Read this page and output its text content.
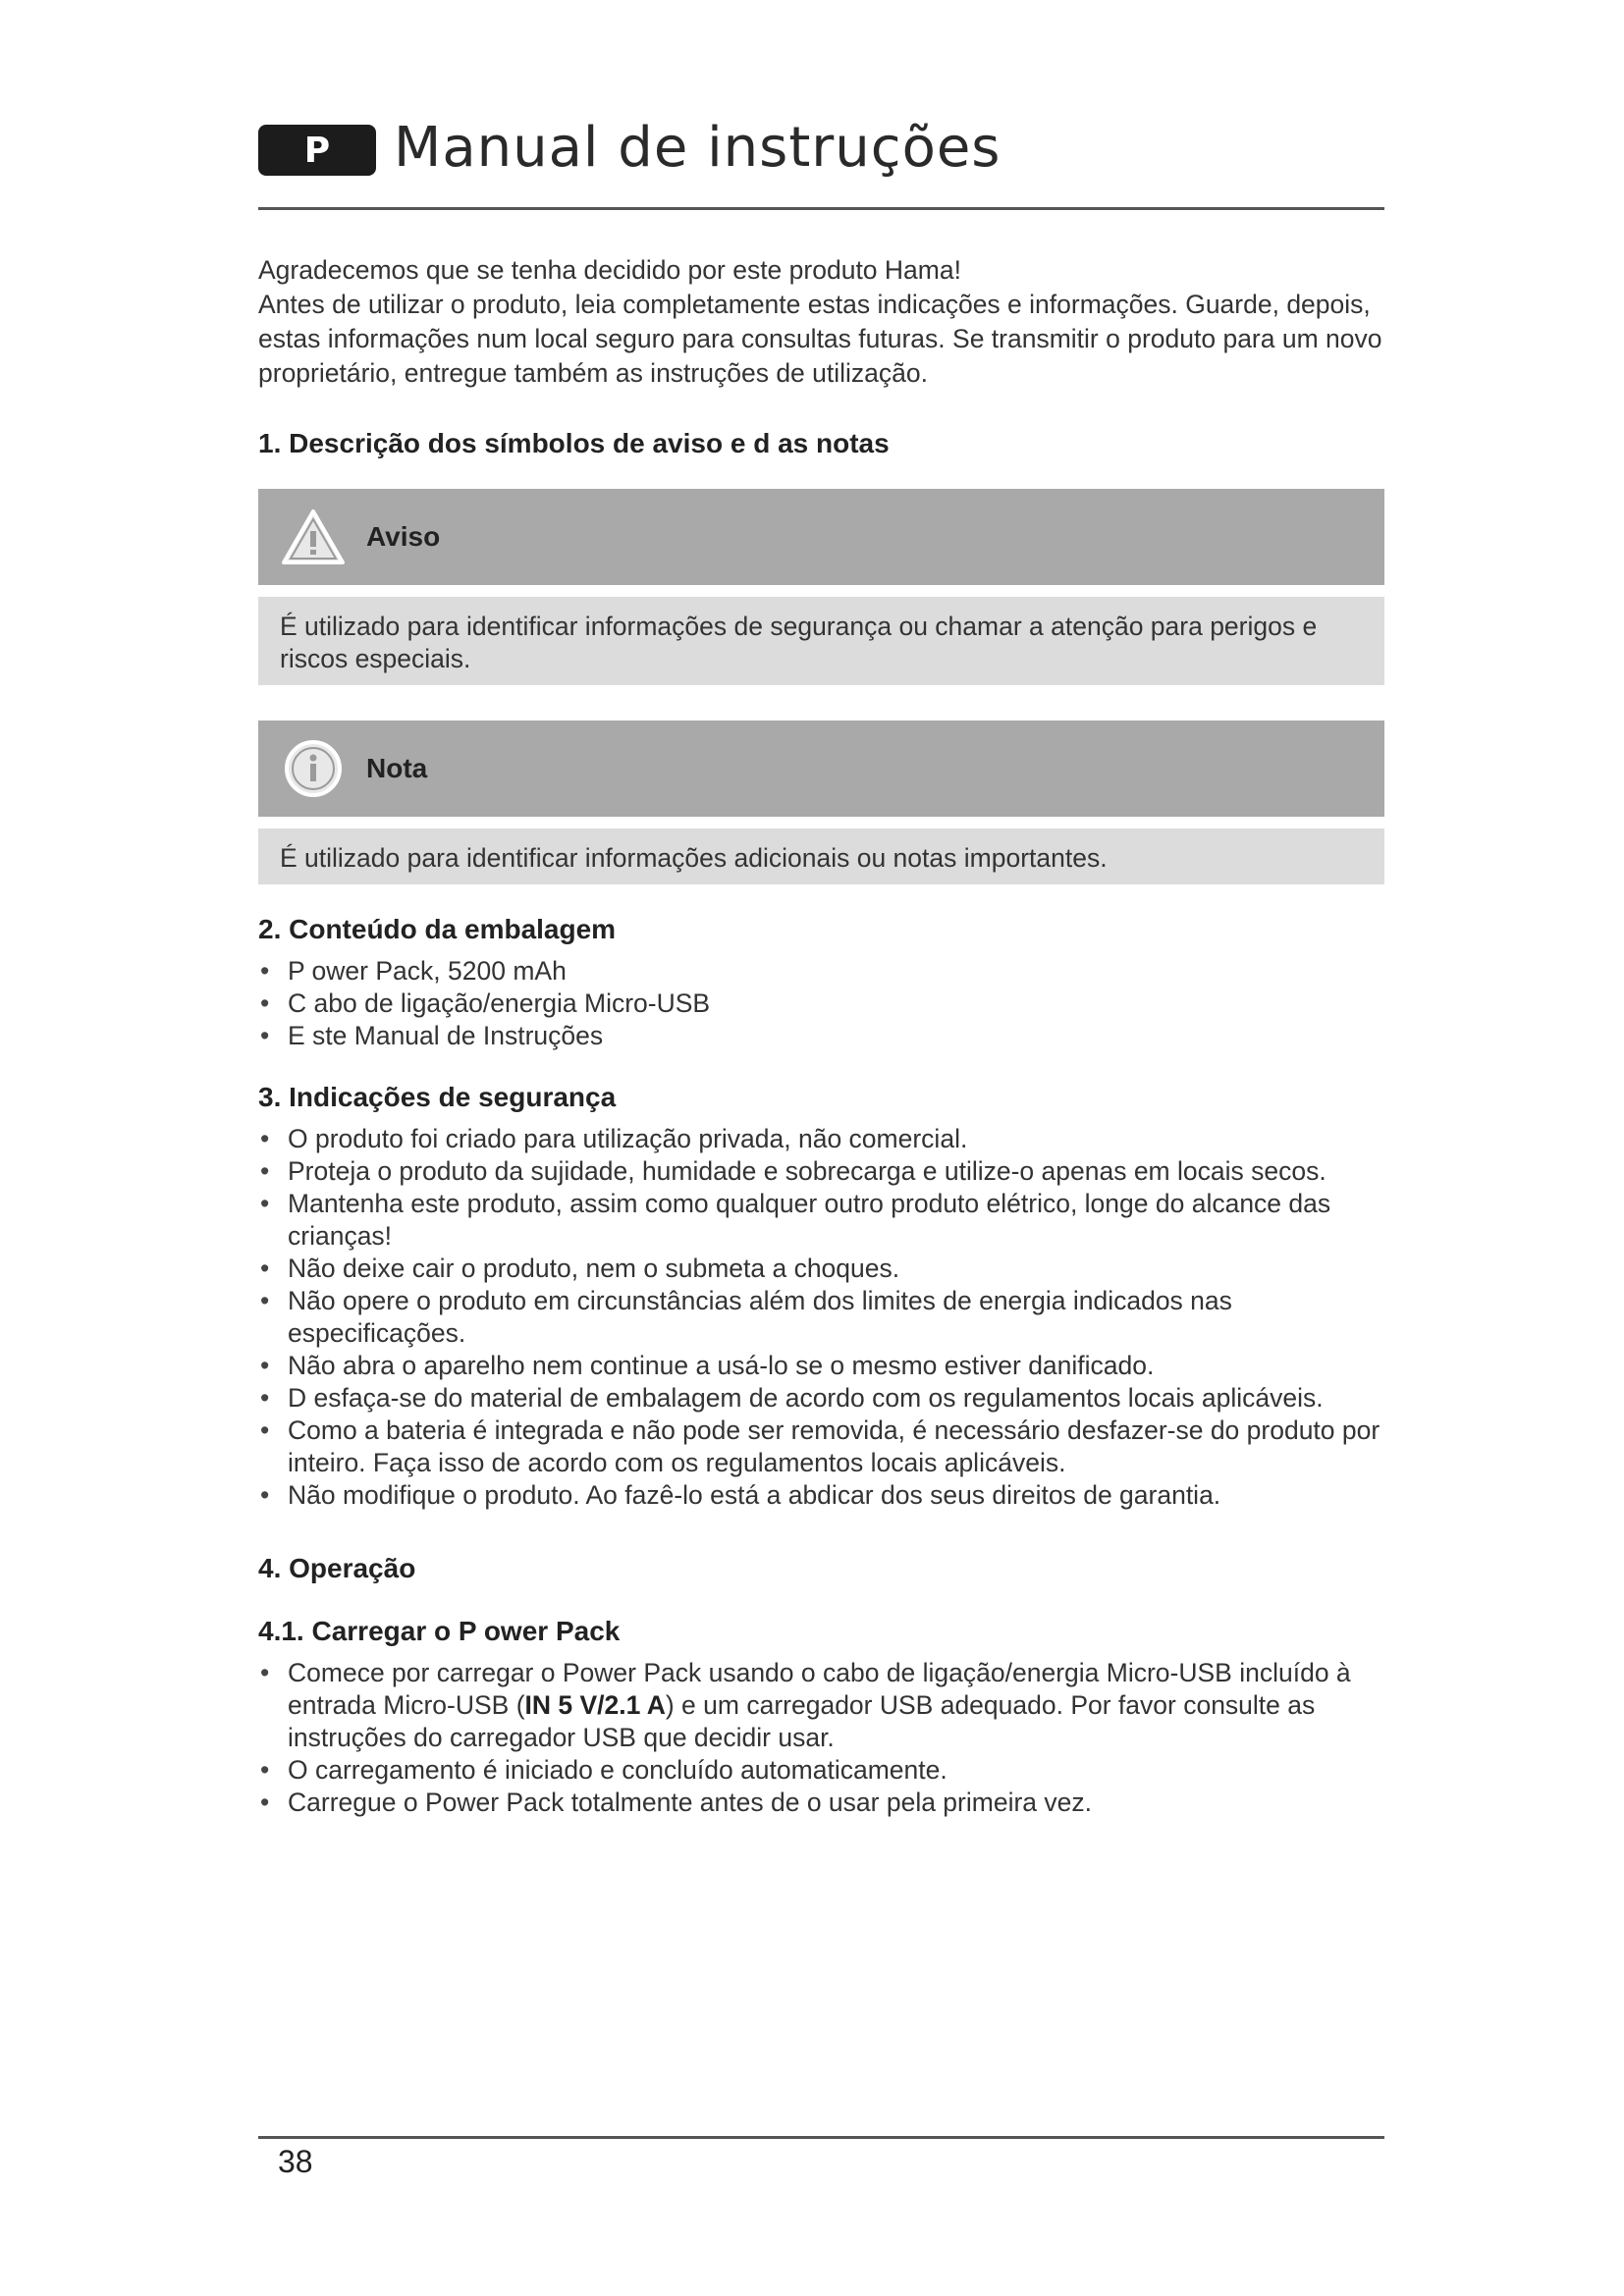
P	Manual de instruções

Agradecemos que se tenha decidido por este produto Hama!

Antes de utilizar o produto, leia completamente estas indicações e informações. Guarde, depois, estas informações num local seguro para consultas futuras. Se transmitir o produto para um novo proprietário, entregue também as instruções de utilização.

1. Descrição dos símbolos de aviso e d as notas
Aviso
É utilizado para identificar informações de segurança ou chamar a atenção para perigos e riscos especiais.
Nota
É utilizado para identificar informações adicionais ou notas importantes.
2. Conteúdo da embalagem
• P ower Pack, 5200 mAh
• C abo de ligação/energia Micro-USB
• E ste Manual de Instruções
3. Indicações de segurança
• O produto foi criado para utilização privada, não comercial.
• Proteja o produto da sujidade, humidade e sobrecarga e utilize-o apenas em locais secos.
• Mantenha este produto, assim como qualquer outro produto elétrico, longe do alcance das crianças!
• Não deixe cair o produto, nem o submeta a choques.
• Não opere o produto em circunstâncias além dos limites de energia indicados nas especificações.
• Não abra o aparelho nem continue a usá-lo se o mesmo estiver danificado.
• D esfaça-se do material de embalagem de acordo com os regulamentos locais aplicáveis.
• Como a bateria é integrada e não pode ser removida, é necessário desfazer-se do produto por inteiro. Faça isso de acordo com os regulamentos locais aplicáveis.
• Não modifique o produto. Ao fazê-lo está a abdicar dos seus direitos de garantia.
4. Operação
4.1. Carregar o P ower Pack
• Comece por carregar o Power Pack usando o cabo de ligação/energia Micro-USB incluído à entrada Micro-USB (IN 5 V/2.1 A) e um carregador USB adequado. Por favor consulte as instruções do carregador USB que decidir usar.
• O carregamento é iniciado e concluído automaticamente.
• Carregue o Power Pack totalmente antes de o usar pela primeira vez.
38
